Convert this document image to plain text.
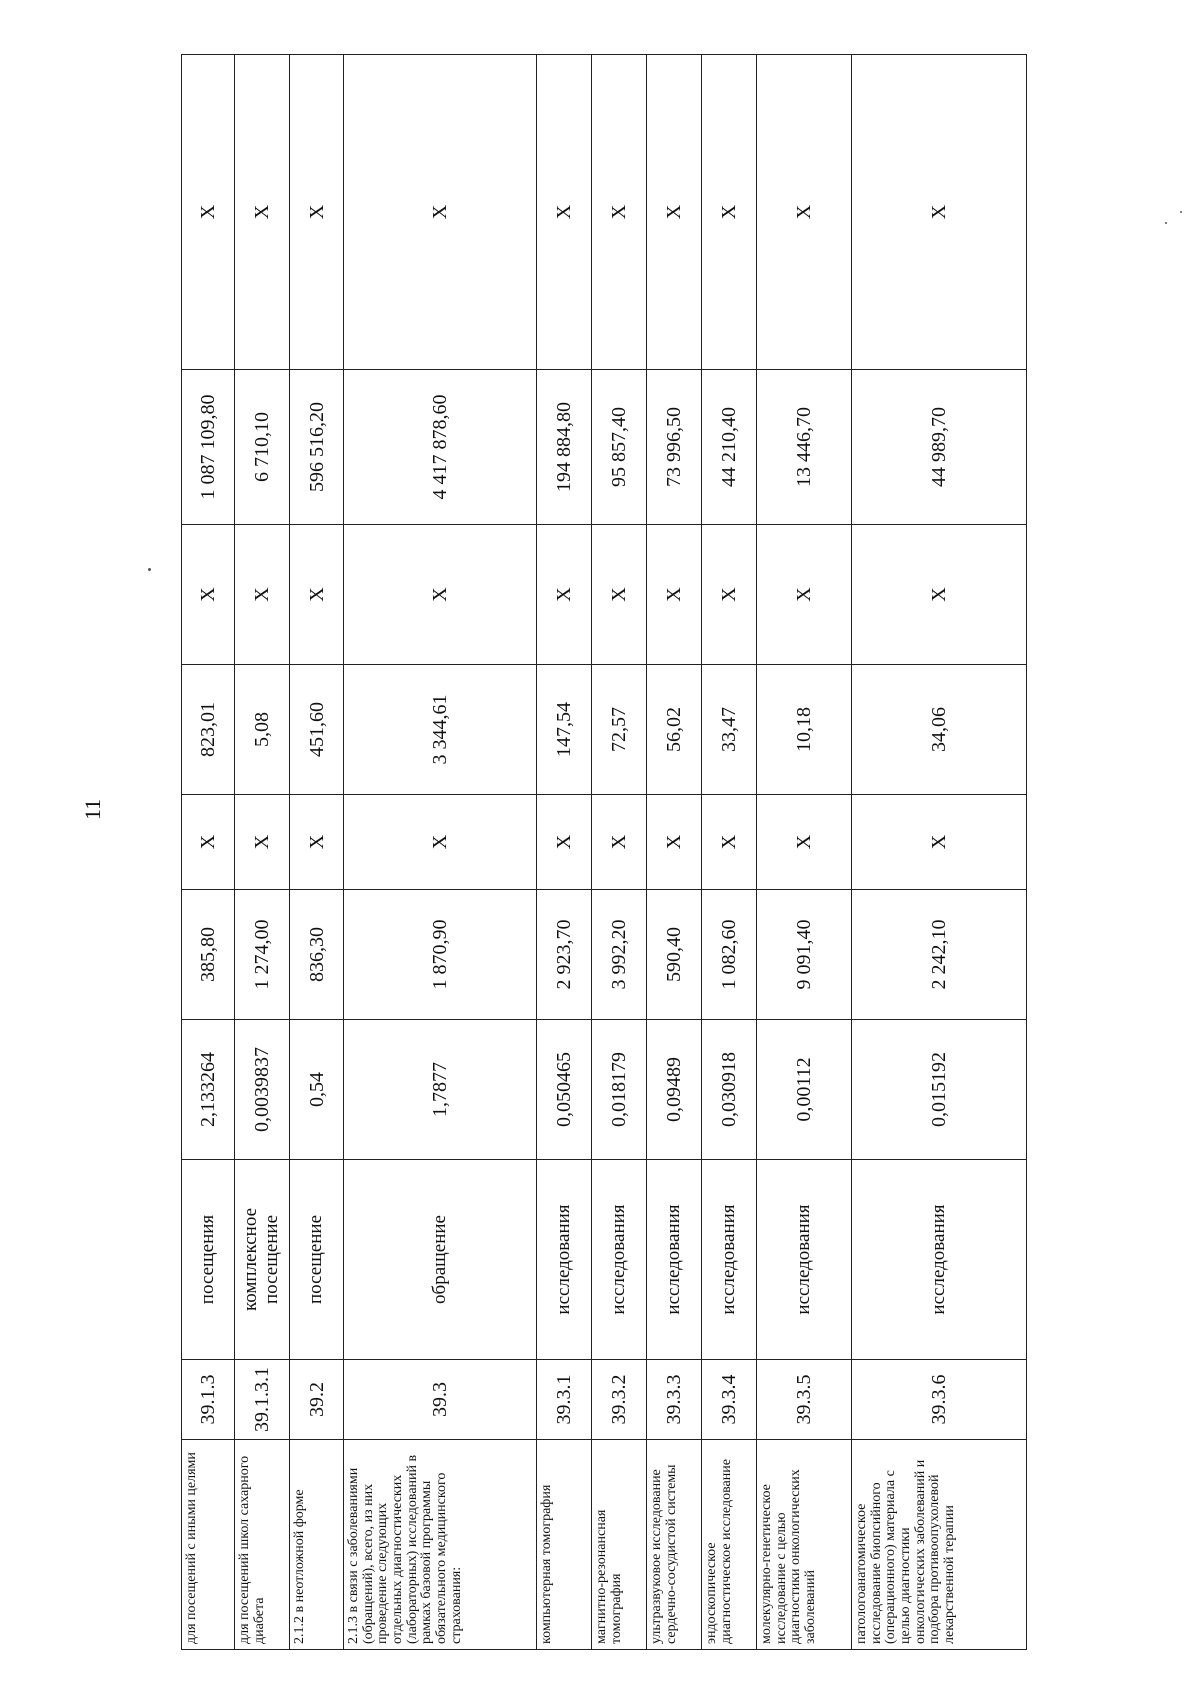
11
для посещений с иными целями	39.1.3	посещения	2,133264	385,80	X	823,01	X	1 087 109,80	X
для посещений школ сахарного диабета	39.1.3.1	комплексное посещение	0,0039837	1 274,00	X	5,08	X	6 710,10	X
2.1.2 в неотложной форме	39.2	посещение	0,54	836,30	X	451,60	X	596 516,20	X
2.1.3 в связи с заболеваниями (обращений), всего, из них проведение следующих отдельных диагностических (лабораторных) исследований в рамках базовой программы обязательного медицинского страхования:	39.3	обращение	1,7877	1 870,90	X	3 344,61	X	4 417 878,60	X
компьютерная томография	39.3.1	исследования	0,050465	2 923,70	X	147,54	X	194 884,80	X
магнитно-резонансная томография	39.3.2	исследования	0,018179	3 992,20	X	72,57	X	95 857,40	X
ультразвуковое исследование сердечно-сосудистой системы	39.3.3	исследования	0,09489	590,40	X	56,02	X	73 996,50	X
эндоскопическое диагностическое исследование	39.3.4	исследования	0,030918	1 082,60	X	33,47	X	44 210,40	X
молекулярно-генетическое исследование с целью диагностики онкологических заболеваний	39.3.5	исследования	0,00112	9 091,40	X	10,18	X	13 446,70	X
патологоанатомическое исследование биопсийного (операционного) материала с целью диагностики онкологических заболеваний и подбора противоопухолевой лекарственной терапии	39.3.6	исследования	0,015192	2 242,10	X	34,06	X	44 989,70	X
